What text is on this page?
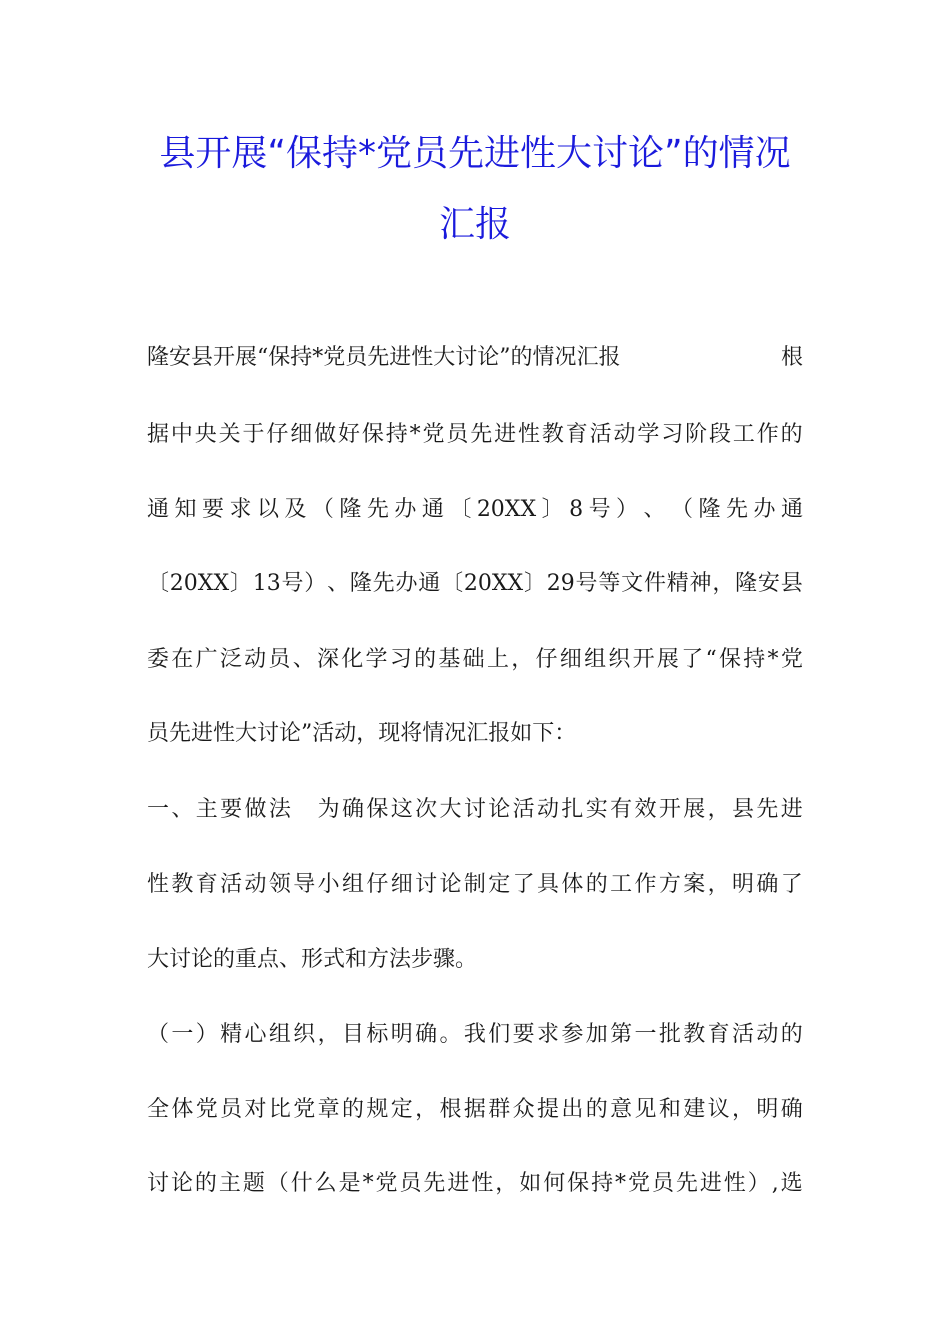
县开展“保持*党员先进性大讨论”的情况
汇报
隆安县开展“保持*党员先进性大讨论”的情况汇报	根
据 中 央 关 于 仔 细 做 好 保 持 * 党 员 先 进 性 教 育 活 动 学 习 阶 段 工 作 的
通 知 要 求 以 及 （ 隆 先 办 通 〔 20XX 〕 8 号 ） 、 （ 隆 先 办 通
〔 20XX 〕 13 号 ） 、 隆 先 办 通 〔 20XX 〕 29 号 等 文 件 精 神 ， 隆 安 县
委 在 广 泛 动 员 、 深 化 学 习 的 基 础 上 ， 仔 细 组 织 开 展 了 “ 保 持 * 党
员先进性大讨论”活动，现将情况汇报如下：
一 、 主 要 做 法
　 为 确 保 这 次 大 讨 论 活 动 扎 实 有 效 开 展 ， 县 先 进
性 教 育 活 动 领 导 小 组 仔 细 讨 论 制 定 了 具 体 的 工 作 方 案 ， 明 确 了
大讨论的重点、形式和方法步骤。
（ 一 ） 精 心 组 织 ， 目 标 明 确 。 我 们 要 求 参 加 第 一 批 教 育 活 动 的
全 体 党 员 对 比 党 章 的 规 定 ， 根 据 群 众 提 出 的 意 见 和 建 议 ， 明 确
讨 论 的 主 题 （ 什 么 是 * 党 员 先 进 性 ， 如 何 保 持 * 党 员 先 进 性 ） , 选
